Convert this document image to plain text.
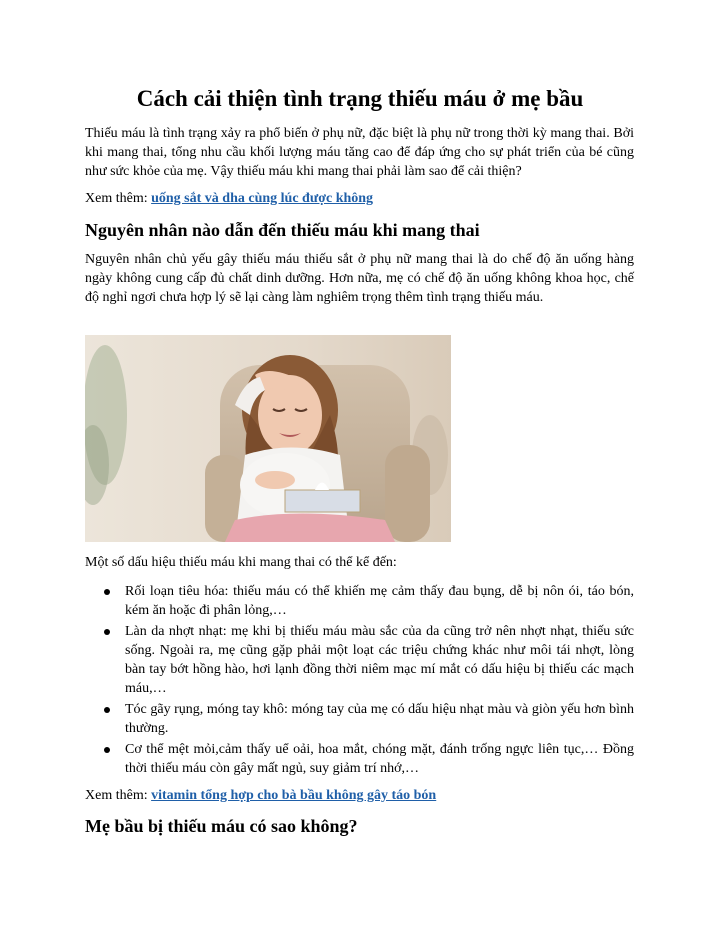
Cách cải thiện tình trạng thiếu máu ở mẹ bầu

Thiếu máu là tình trạng xảy ra phổ biến ở phụ nữ, đặc biệt là phụ nữ trong thời kỳ mang thai. Bởi khi mang thai, tổng nhu cầu khối lượng máu tăng cao để đáp ứng cho sự phát triển của bé cũng như sức khỏe của mẹ. Vậy thiếu máu khi mang thai phải làm sao để cải thiện?

Xem thêm: uống sắt và dha cùng lúc được không

Nguyên nhân nào dẫn đến thiếu máu khi mang thai

Nguyên nhân chủ yếu gây thiếu máu thiếu sắt ở phụ nữ mang thai là do chế độ ăn uống hàng ngày không cung cấp đủ chất dinh dưỡng. Hơn nữa, mẹ có chế độ ăn uống không khoa học, chế độ nghỉ ngơi chưa hợp lý sẽ lại càng làm nghiêm trọng thêm tình trạng thiếu máu.

Một số dấu hiệu thiếu máu khi mang thai có thể kể đến:

Rối loạn tiêu hóa: thiếu máu có thể khiến mẹ cảm thấy đau bụng, dễ bị nôn ói, táo bón, kém ăn hoặc đi phân lỏng,…
Làn da nhợt nhạt: mẹ khi bị thiếu máu màu sắc của da cũng trở nên nhợt nhạt, thiếu sức sống. Ngoài ra, mẹ cũng gặp phải một loạt các triệu chứng khác như môi tái nhợt, lòng bàn tay bớt hồng hào, hơi lạnh đồng thời niêm mạc mí mắt có dấu hiệu bị thiếu các mạch máu,…
Tóc gãy rụng, móng tay khô: móng tay của mẹ có dấu hiệu nhạt màu và giòn yếu hơn bình thường.
Cơ thể mệt mỏi,cảm thấy uể oải, hoa mắt, chóng mặt, đánh trống ngực liên tục,… Đồng thời thiếu máu còn gây mất ngủ, suy giảm trí nhớ,…

Xem thêm: vitamin tổng hợp cho bà bầu không gây táo bón

Mẹ bầu bị thiếu máu có sao không?
